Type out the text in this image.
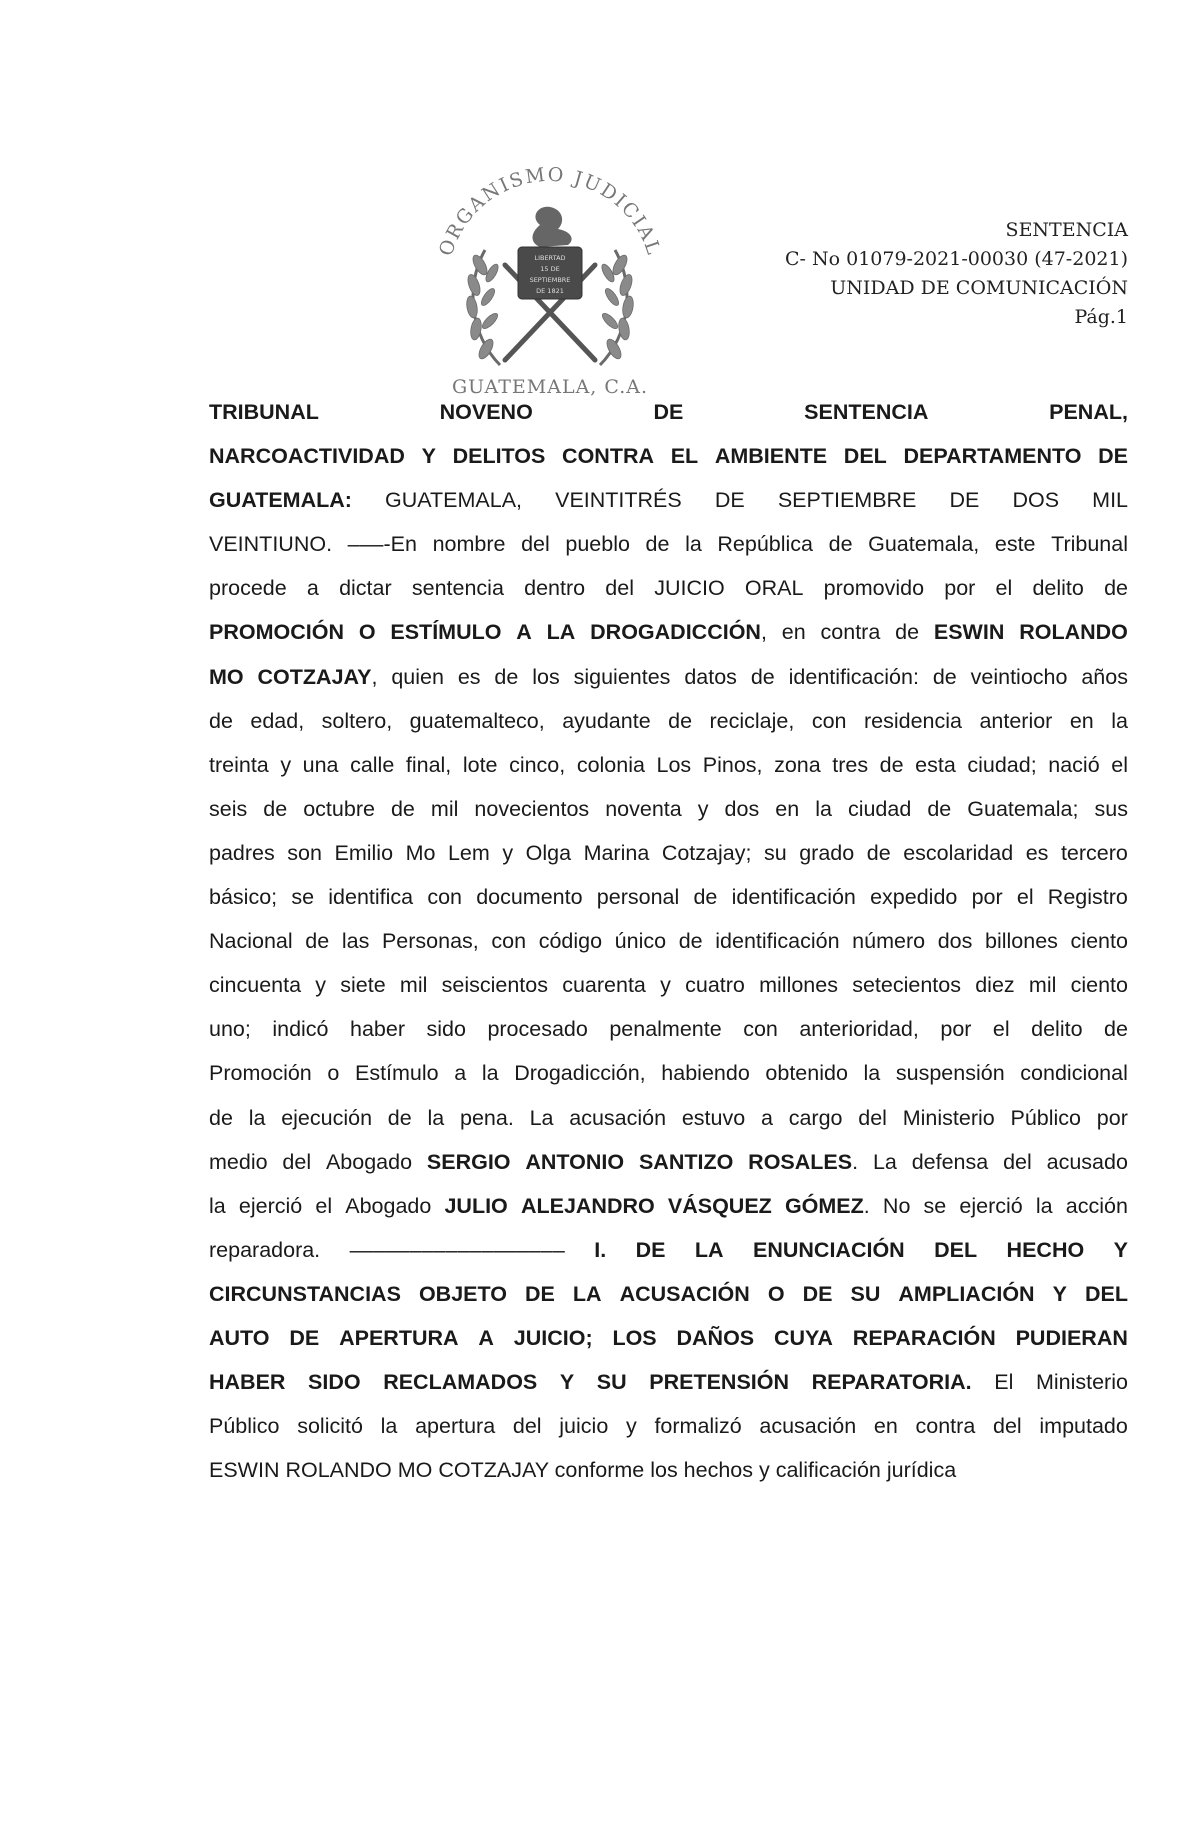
ORGANISMO JUDICIAL
LIBERTAD
15 DE
SEPTIEMBRE
DE 1821
GUATEMALA, C.A.
SENTENCIA
C- No 01079-2021-00030 (47-2021)
UNIDAD DE COMUNICACIÓN
Pág.1
TRIBUNAL	NOVENO	DE	SENTENCIA	PENAL,
NARCOACTIVIDAD Y DELITOS CONTRA EL AMBIENTE DEL DEPARTAMENTO DE
GUATEMALA: GUATEMALA, VEINTITRÉS DE SEPTIEMBRE DE DOS MIL
VEINTIUNO. –––-En nombre del pueblo de la República de Guatemala, este Tribunal
procede a dictar sentencia dentro del JUICIO ORAL promovido por el delito de
PROMOCIÓN O ESTÍMULO A LA DROGADICCIÓN, en contra de ESWIN ROLANDO
MO COTZAJAY, quien es de los siguientes datos de identificación: de veintiocho años
de edad, soltero, guatemalteco, ayudante de reciclaje, con residencia anterior en la
treinta y una calle final, lote cinco, colonia Los Pinos, zona tres de esta ciudad; nació el
seis de octubre de mil novecientos noventa y dos en la ciudad de Guatemala; sus
padres son Emilio Mo Lem y Olga Marina Cotzajay; su grado de escolaridad es tercero
básico; se identifica con documento personal de identificación expedido por el Registro
Nacional de las Personas, con código único de identificación número dos billones ciento
cincuenta y siete mil seiscientos cuarenta y cuatro millones setecientos diez mil ciento
uno; indicó haber sido procesado penalmente con anterioridad, por el delito de
Promoción o Estímulo a la Drogadicción, habiendo obtenido la suspensión condicional
de la ejecución de la pena. La acusación estuvo a cargo del Ministerio Público por
medio del Abogado SERGIO ANTONIO SANTIZO ROSALES. La defensa del acusado
la ejerció el Abogado JULIO ALEJANDRO VÁSQUEZ GÓMEZ. No se ejerció la acción
reparadora. –––––––––––––––––– I. DE LA ENUNCIACIÓN DEL HECHO Y
CIRCUNSTANCIAS OBJETO DE LA ACUSACIÓN O DE SU AMPLIACIÓN Y DEL
AUTO DE APERTURA A JUICIO; LOS DAÑOS CUYA REPARACIÓN PUDIERAN
HABER SIDO RECLAMADOS Y SU PRETENSIÓN REPARATORIA. El Ministerio
Público solicitó la apertura del juicio y formalizó acusación en contra del imputado
ESWIN ROLANDO MO COTZAJAY conforme los hechos y calificación jurídica
